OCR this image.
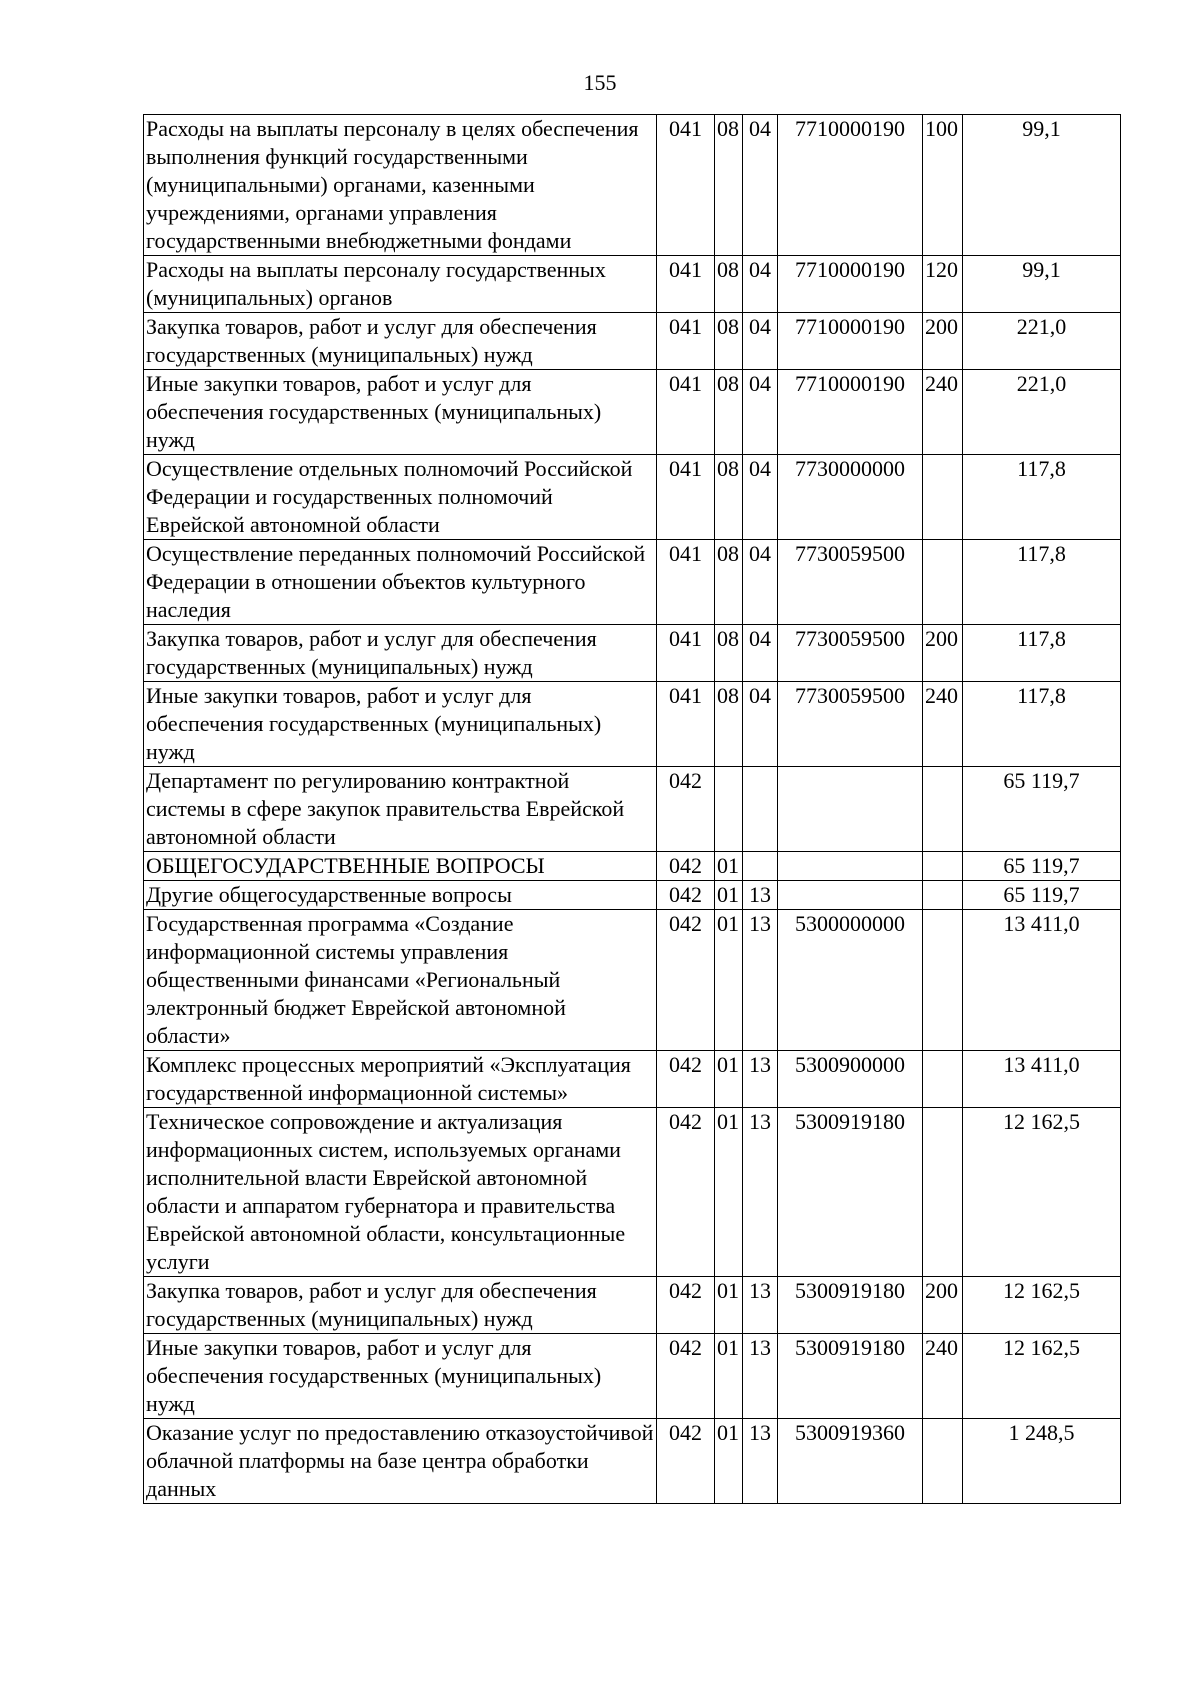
155
Расходы на выплаты персоналу в целях обеспечения выполнения функций государственными (муниципальными) органами, казенными учреждениями, органами управления государственными внебюджетными фондами	041	08	04	7710000190	100	99,1
Расходы на выплаты персоналу государственных (муниципальных) органов	041	08	04	7710000190	120	99,1
Закупка товаров, работ и услуг для обеспечения государственных (муниципальных) нужд	041	08	04	7710000190	200	221,0
Иные закупки товаров, работ и услуг для обеспечения государственных (муниципальных) нужд	041	08	04	7710000190	240	221,0
Осуществление отдельных полномочий Российской Федерации и государственных полномочий Еврейской автономной области	041	08	04	7730000000		117,8
Осуществление переданных полномочий Российской Федерации в отношении объектов культурного наследия	041	08	04	7730059500		117,8
Закупка товаров, работ и услуг для обеспечения государственных (муниципальных) нужд	041	08	04	7730059500	200	117,8
Иные закупки товаров, работ и услуг для обеспечения государственных (муниципальных) нужд	041	08	04	7730059500	240	117,8
Департамент по регулированию контрактной системы в сфере закупок правительства Еврейской автономной области	042					65 119,7
ОБЩЕГОСУДАРСТВЕННЫЕ ВОПРОСЫ	042	01				65 119,7
Другие общегосударственные вопросы	042	01	13			65 119,7
Государственная программа «Создание информационной системы управления общественными финансами «Региональный электронный бюджет Еврейской автономной области»	042	01	13	5300000000		13 411,0
Комплекс процессных мероприятий «Эксплуатация государственной информационной системы»	042	01	13	5300900000		13 411,0
Техническое сопровождение и актуализация информационных систем, используемых органами исполнительной власти Еврейской автономной области и аппаратом губернатора и правительства Еврейской автономной области, консультационные услуги	042	01	13	5300919180		12 162,5
Закупка товаров, работ и услуг для обеспечения государственных (муниципальных) нужд	042	01	13	5300919180	200	12 162,5
Иные закупки товаров, работ и услуг для обеспечения государственных (муниципальных) нужд	042	01	13	5300919180	240	12 162,5
Оказание услуг по предоставлению отказоустойчивой облачной платформы на базе центра обработки данных	042	01	13	5300919360		1 248,5
